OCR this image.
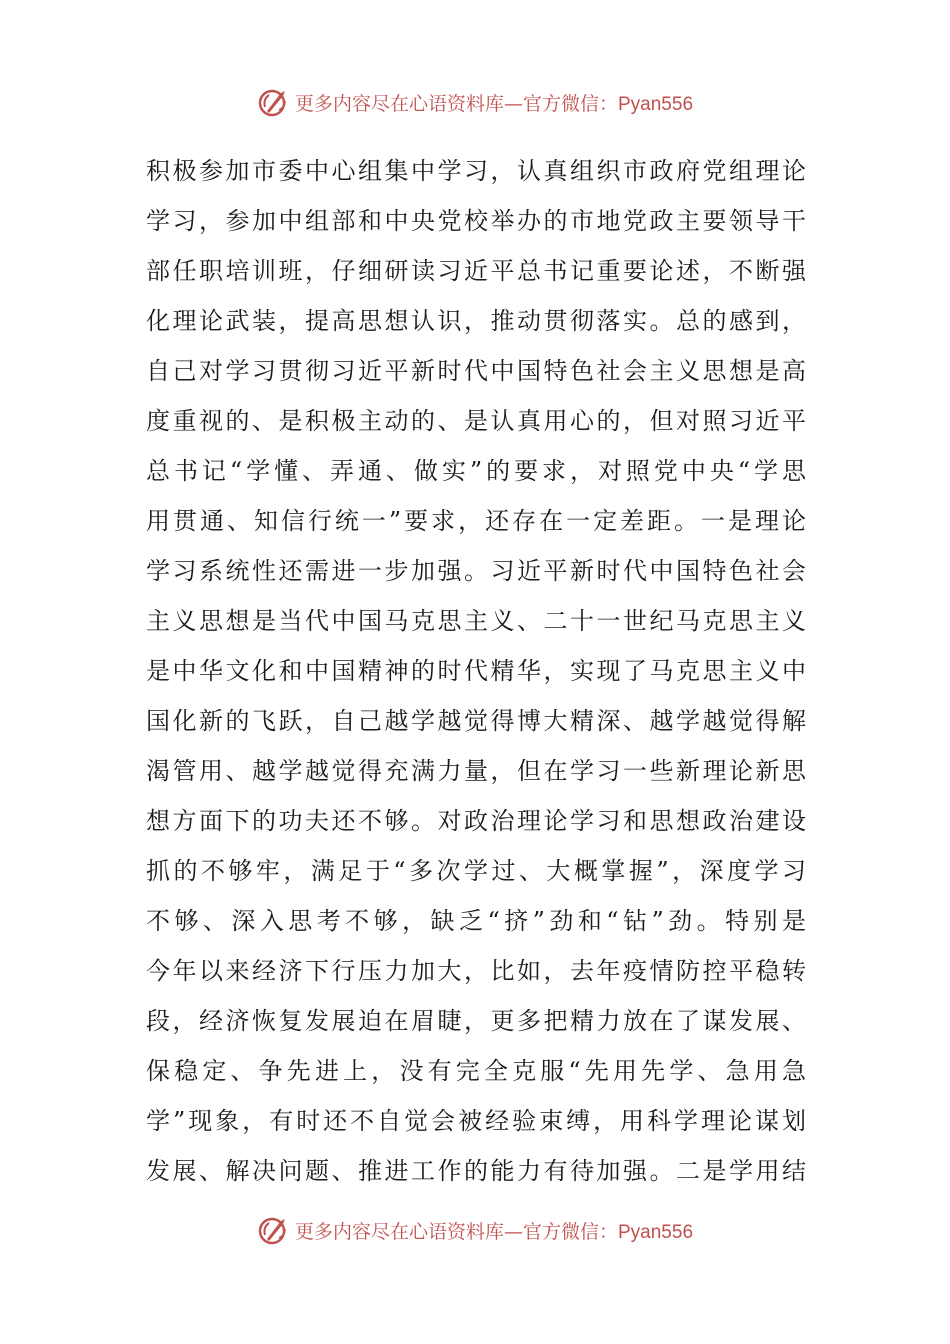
更多内容尽在心语资料库—官方微信：Pyan556
积极参加市委中心组集中学习，认真组织市政府党组理论
学习，参加中组部和中央党校举办的市地党政主要领导干
部任职培训班，仔细研读习近平总书记重要论述，不断强
化理论武装，提高思想认识，推动贯彻落实。总的感到，
自己对学习贯彻习近平新时代中国特色社会主义思想是高
度重视的、是积极主动的、是认真用心的，但对照习近平
总书记“学懂、弄通、做实”的要求，对照党中央“学思
用贯通、知信行统一”要求，还存在一定差距。一是理论
学习系统性还需进一步加强。习近平新时代中国特色社会
主义思想是当代中国马克思主义、二十一世纪马克思主义
是中华文化和中国精神的时代精华，实现了马克思主义中
国化新的飞跃，自己越学越觉得博大精深、越学越觉得解
渴管用、越学越觉得充满力量，但在学习一些新理论新思
想方面下的功夫还不够。对政治理论学习和思想政治建设
抓的不够牢，满足于“多次学过、大概掌握”，深度学习
不够、深入思考不够，缺乏“挤”劲和“钻”劲。特别是
今年以来经济下行压力加大，比如，去年疫情防控平稳转
段，经济恢复发展迫在眉睫，更多把精力放在了谋发展、
保稳定、争先进上，没有完全克服“先用先学、急用急
学”现象，有时还不自觉会被经验束缚，用科学理论谋划
发展、解决问题、推进工作的能力有待加强。二是学用结
更多内容尽在心语资料库—官方微信：Pyan556
